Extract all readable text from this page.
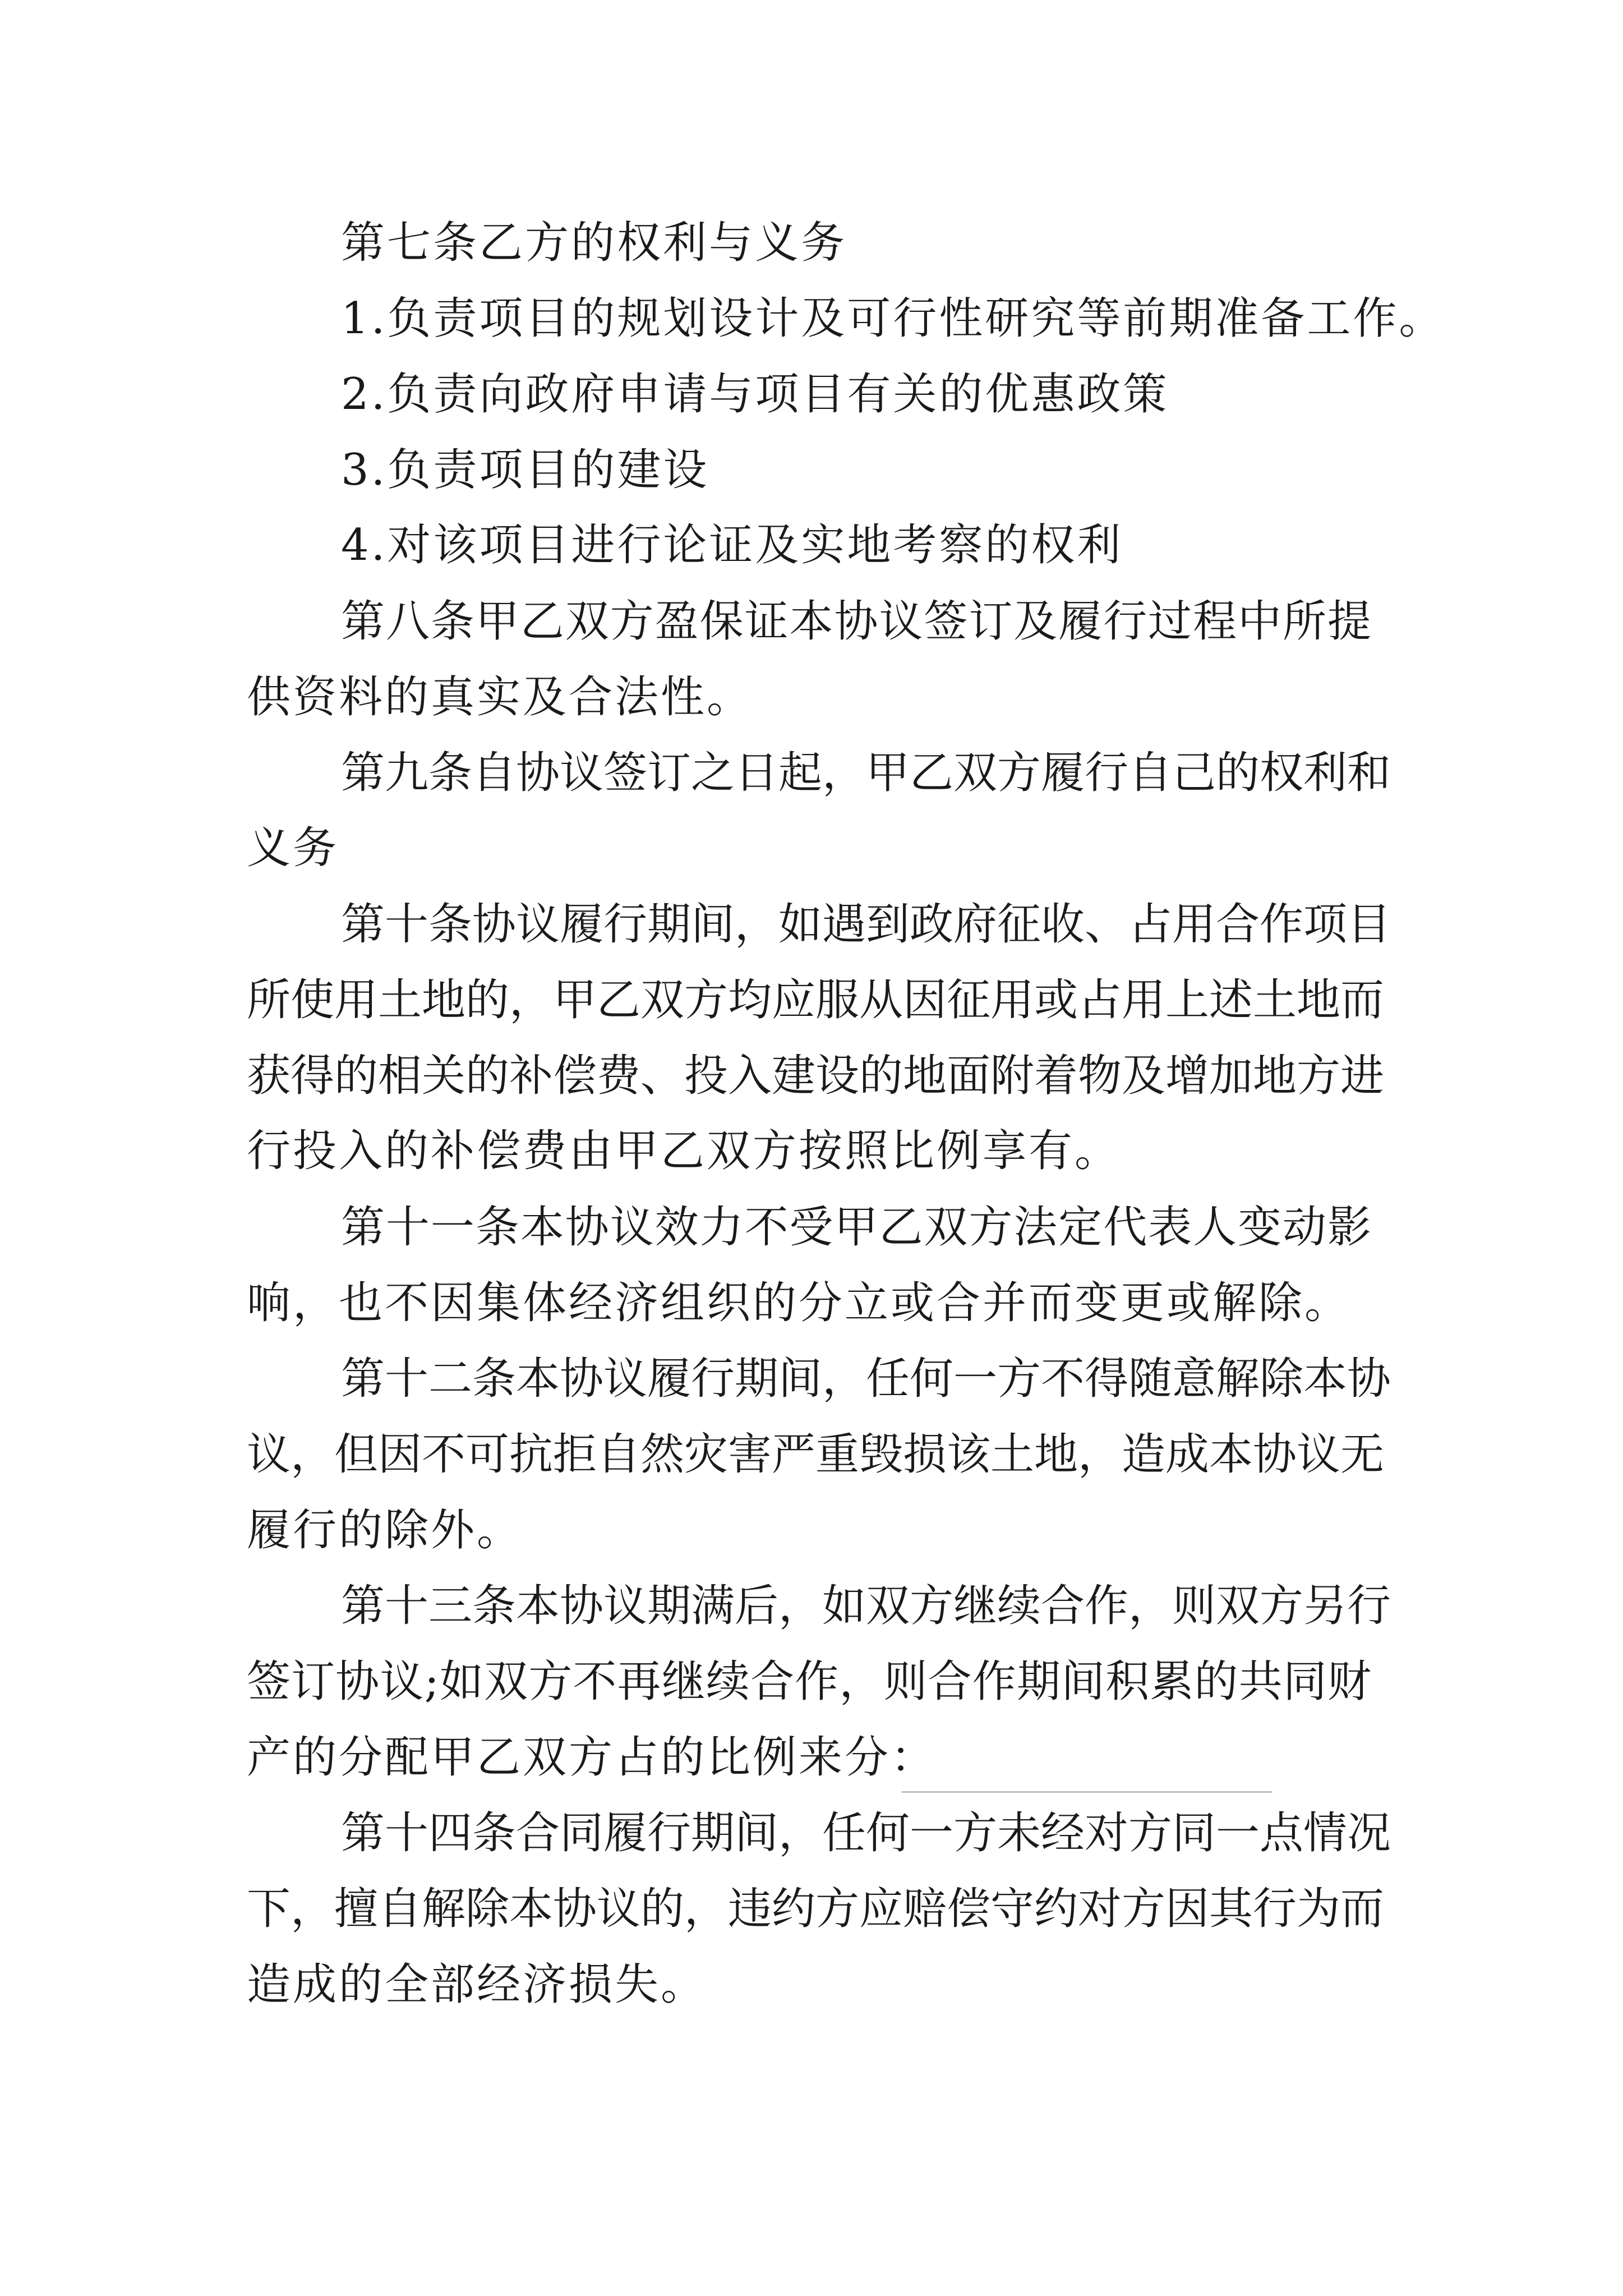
第七条乙方的权利与义务
1.负责项目的规划设计及可行性研究等前期准备工作。
2.负责向政府申请与项目有关的优惠政策
3.负责项目的建设
4.对该项目进行论证及实地考察的权利
第八条甲乙双方盈保证本协议签订及履行过程中所提
供资料的真实及合法性。
第九条自协议签订之日起，甲乙双方履行自己的权利和
义务
第十条协议履行期间，如遇到政府征收、占用合作项目
所使用土地的，甲乙双方均应服从因征用或占用上述土地而
获得的相关的补偿费、投入建设的地面附着物及增加地方进
行投入的补偿费由甲乙双方按照比例享有。
第十一条本协议效力不受甲乙双方法定代表人变动影
响，也不因集体经济组织的分立或合并而变更或解除。
第十二条本协议履行期间，任何一方不得随意解除本协
议，但因不可抗拒自然灾害严重毁损该土地，造成本协议无
履行的除外。
第十三条本协议期满后，如双方继续合作，则双方另行
签订协议;如双方不再继续合作，则合作期间积累的共同财
产的分配甲乙双方占的比例来分：
第十四条合同履行期间，任何一方未经对方同一点情况
下，擅自解除本协议的，违约方应赔偿守约对方因其行为而
造成的全部经济损失。
